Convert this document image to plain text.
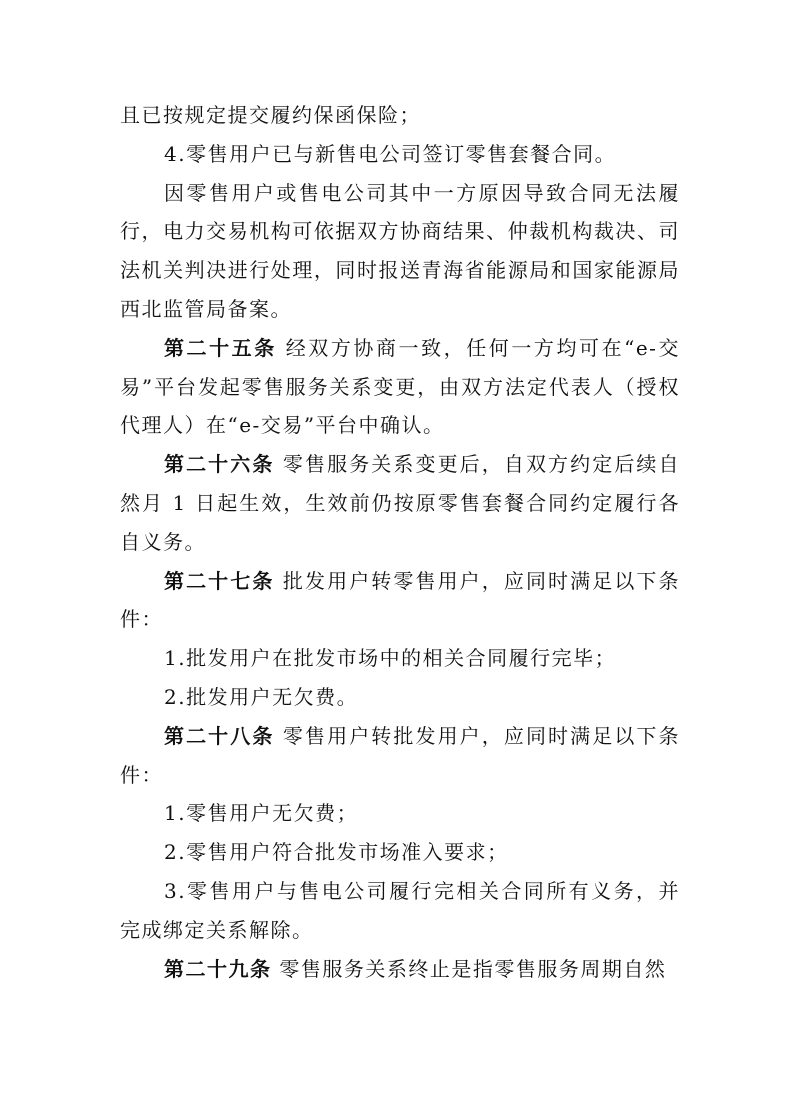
且已按规定提交履约保函保险；

4.零售用户已与新售电公司签订零售套餐合同。

因零售用户或售电公司其中一方原因导致合同无法履行，电力交易机构可依据双方协商结果、仲裁机构裁决、司法机关判决进行处理，同时报送青海省能源局和国家能源局西北监管局备案。

第二十五条 经双方协商一致，任何一方均可在“e-交易”平台发起零售服务关系变更，由双方法定代表人（授权代理人）在“e-交易”平台中确认。

第二十六条 零售服务关系变更后，自双方约定后续自然月 1 日起生效，生效前仍按原零售套餐合同约定履行各自义务。

第二十七条 批发用户转零售用户，应同时满足以下条件：

1.批发用户在批发市场中的相关合同履行完毕；

2.批发用户无欠费。

第二十八条 零售用户转批发用户，应同时满足以下条件：

1.零售用户无欠费；

2.零售用户符合批发市场准入要求；

3.零售用户与售电公司履行完相关合同所有义务，并完成绑定关系解除。

第二十九条 零售服务关系终止是指零售服务周期自然
